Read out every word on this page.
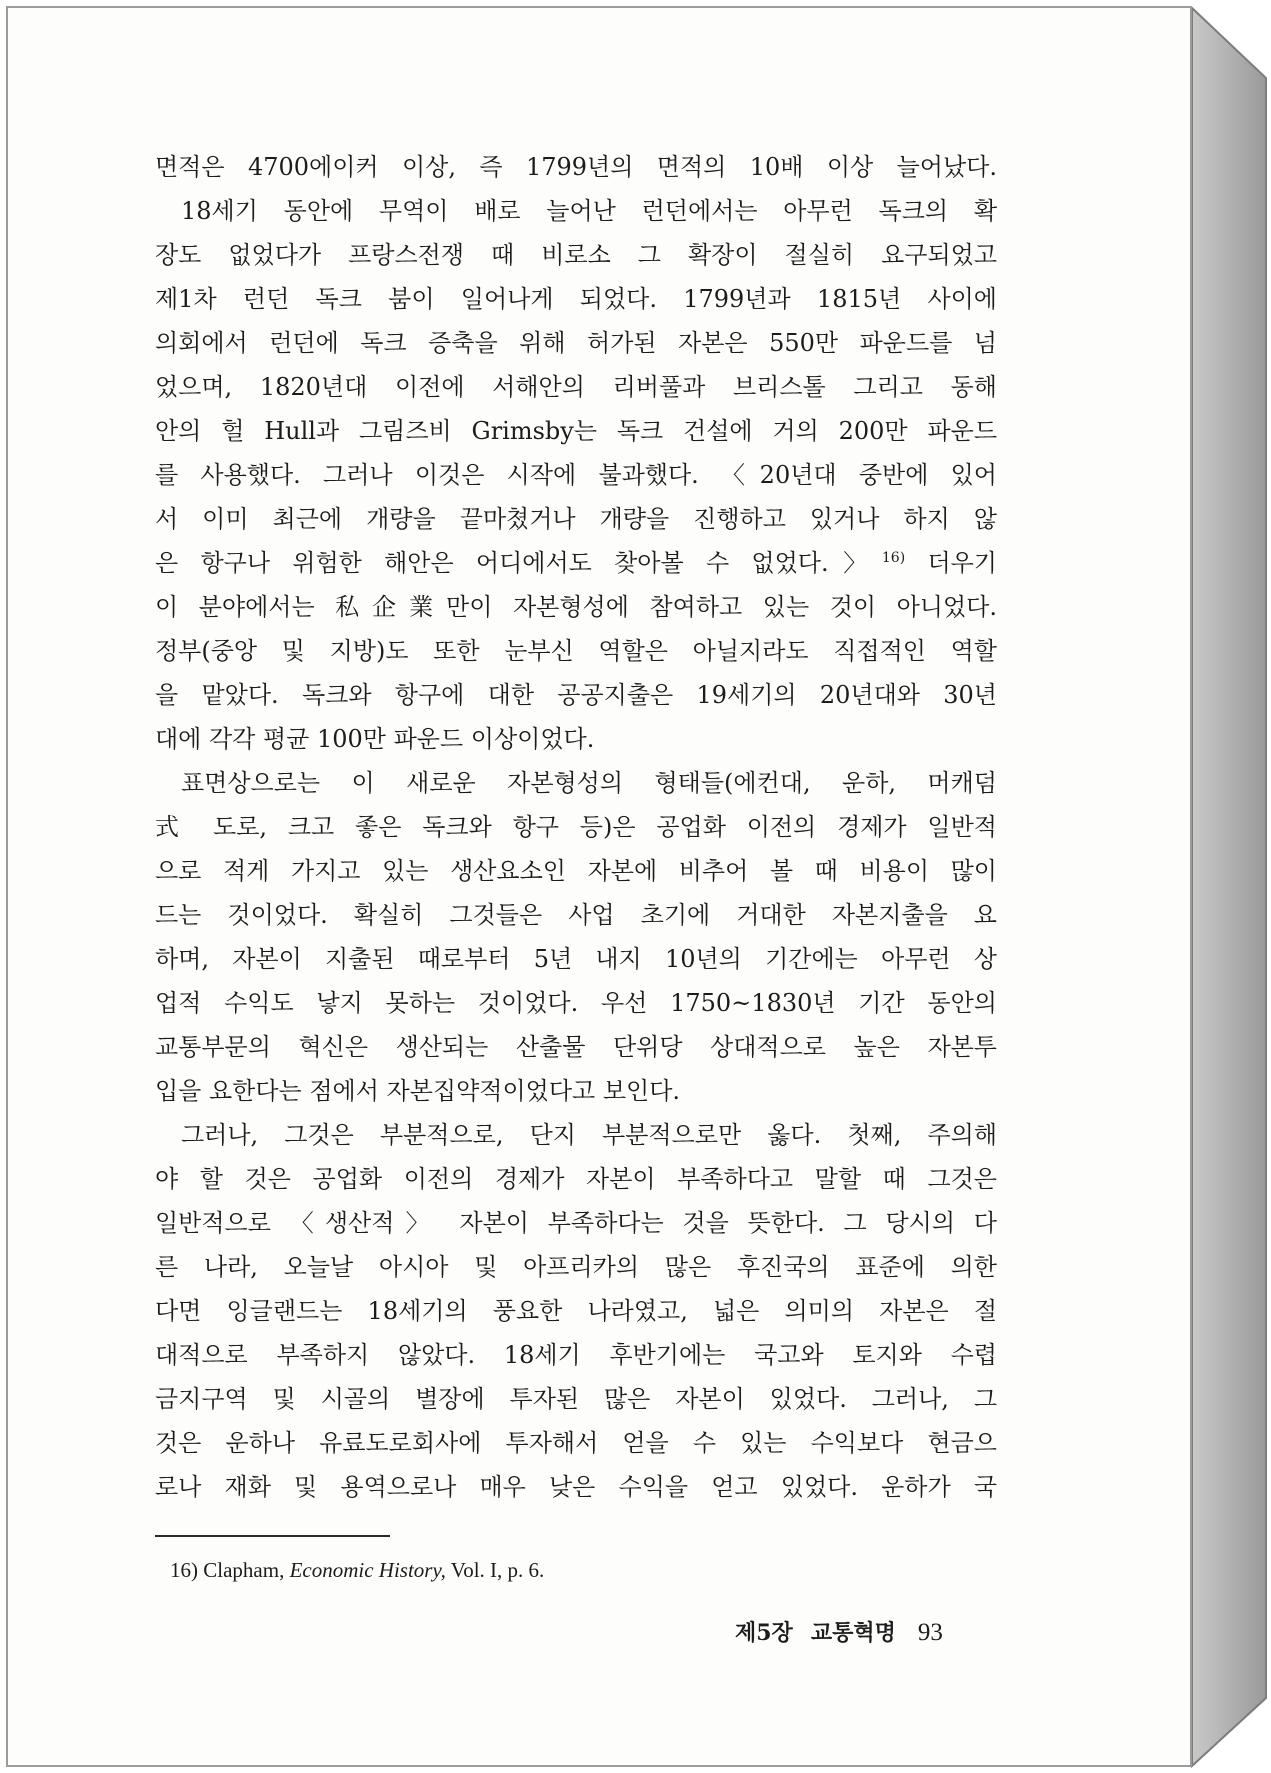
면적은 4700에이커 이상, 즉 1799년의 면적의 10배 이상 늘어났다.
18세기 동안에 무역이 배로 늘어난 런던에서는 아무런 독크의 확
장도 없었다가 프랑스전쟁 때 비로소 그 확장이 절실히 요구되었고
제1차 런던 독크 붐이 일어나게 되었다. 1799년과 1815년 사이에
의회에서 런던에 독크 증축을 위해 허가된 자본은 550만 파운드를 넘
었으며, 1820년대 이전에 서해안의 리버풀과 브리스톨 그리고 동해
안의 헐 Hull과 그림즈비 Grimsby는 독크 건설에 거의 200만 파운드
를 사용했다. 그러나 이것은 시작에 불과했다. 〈20년대 중반에 있어
서 이미 최근에 개량을 끝마쳤거나 개량을 진행하고 있거나 하지 않
은 항구나 위험한 해안은 어디에서도 찾아볼 수 없었다.〉$^{16)}$ 더우기
이 분야에서는 私企業만이 자본형성에 참여하고 있는 것이 아니었다.
정부(중앙 및 지방)도 또한 눈부신 역할은 아닐지라도 직접적인 역할
을 맡았다. 독크와 항구에 대한 공공지출은 19세기의 20년대와 30년
대에 각각 평균 100만 파운드 이상이었다.
표면상으로는 이 새로운 자본형성의 형태들(에컨대, 운하, 머캐덤
式 도로, 크고 좋은 독크와 항구 등)은 공업화 이전의 경제가 일반적
으로 적게 가지고 있는 생산요소인 자본에 비추어 볼 때 비용이 많이
드는 것이었다. 확실히 그것들은 사업 초기에 거대한 자본지출을 요
하며, 자본이 지출된 때로부터 5년 내지 10년의 기간에는 아무런 상
업적 수익도 낳지 못하는 것이었다. 우선 1750~1830년 기간 동안의
교통부문의 혁신은 생산되는 산출물 단위당 상대적으로 높은 자본투
입을 요한다는 점에서 자본집약적이었다고 보인다.
그러나, 그것은 부분적으로, 단지 부분적으로만 옳다. 첫째, 주의해
야 할 것은 공업화 이전의 경제가 자본이 부족하다고 말할 때 그것은
일반적으로 〈생산적〉 자본이 부족하다는 것을 뜻한다. 그 당시의 다
른 나라, 오늘날 아시아 및 아프리카의 많은 후진국의 표준에 의한
다면 잉글랜드는 18세기의 풍요한 나라였고, 넓은 의미의 자본은 절
대적으로 부족하지 않았다. 18세기 후반기에는 국고와 토지와 수렵
금지구역 및 시골의 별장에 투자된 많은 자본이 있었다. 그러나, 그
것은 운하나 유료도로회사에 투자해서 얻을 수 있는 수익보다 현금으
로나 재화 및 용역으로나 매우 낮은 수익을 얻고 있었다. 운하가 국
16) Clapham, Economic History, Vol. I, p. 6.
제5장 교통혁명 93
